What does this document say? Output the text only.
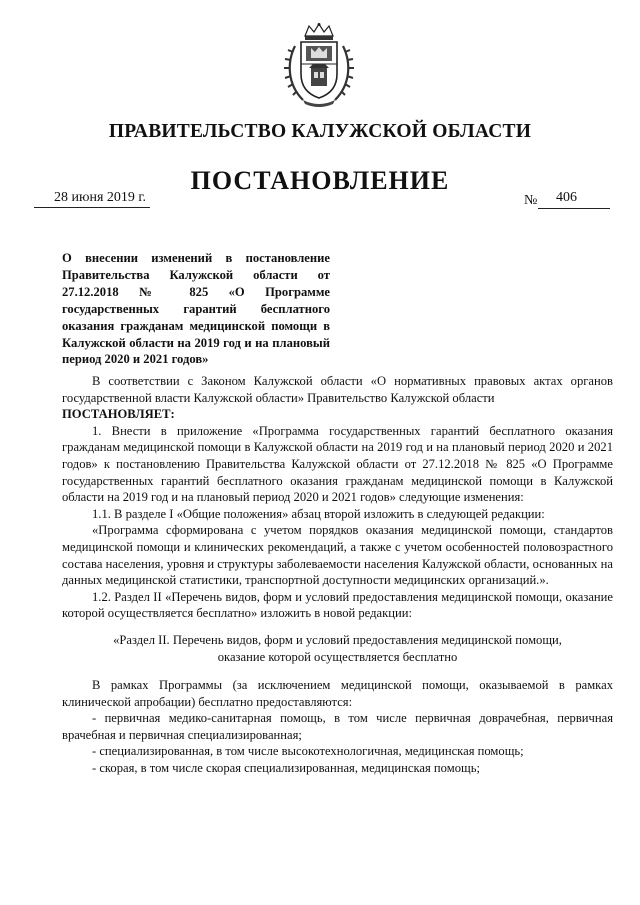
ПРАВИТЕЛЬСТВО КАЛУЖСКОЙ ОБЛАСТИ
ПОСТАНОВЛЕНИЕ
28 июня 2019 г.	№ 406
О внесении изменений в постановление Правительства Калужской области от 27.12.2018 № 825 «О Программе государственных гарантий бесплатного оказания гражданам медицинской помощи в Калужской области на 2019 год и на плановый период 2020 и 2021 годов»

В соответствии с Законом Калужской области «О нормативных правовых актах органов государственной власти Калужской области» Правительство Калужской области

ПОСТАНОВЛЯЕТ:

1. Внести в приложение «Программа государственных гарантий бесплатного оказания гражданам медицинской помощи в Калужской области на 2019 год и на плановый период 2020 и 2021 годов» к постановлению Правительства Калужской области от 27.12.2018 № 825 «О Программе государственных гарантий бесплатного оказания гражданам медицинской помощи в Калужской области на 2019 год и на плановый период 2020 и 2021 годов» следующие изменения:

1.1. В разделе I «Общие положения» абзац второй изложить в следующей редакции:

«Программа сформирована с учетом порядков оказания медицинской помощи, стандартов медицинской помощи и клинических рекомендаций, а также с учетом особенностей половозрастного состава населения, уровня и структуры заболеваемости населения Калужской области, основанных на данных медицинской статистики, транспортной доступности медицинских организаций.».

1.2. Раздел II «Перечень видов, форм и условий предоставления медицинской помощи, оказание которой осуществляется бесплатно» изложить в новой редакции:

«Раздел II. Перечень видов, форм и условий предоставления медицинской помощи,

оказание которой осуществляется бесплатно

В рамках Программы (за исключением медицинской помощи, оказываемой в рамках клинической апробации) бесплатно предоставляются:

- первичная медико-санитарная помощь, в том числе первичная доврачебная, первичная врачебная и первичная специализированная;

- специализированная, в том числе высокотехнологичная, медицинская помощь;

- скорая, в том числе скорая специализированная, медицинская помощь;
